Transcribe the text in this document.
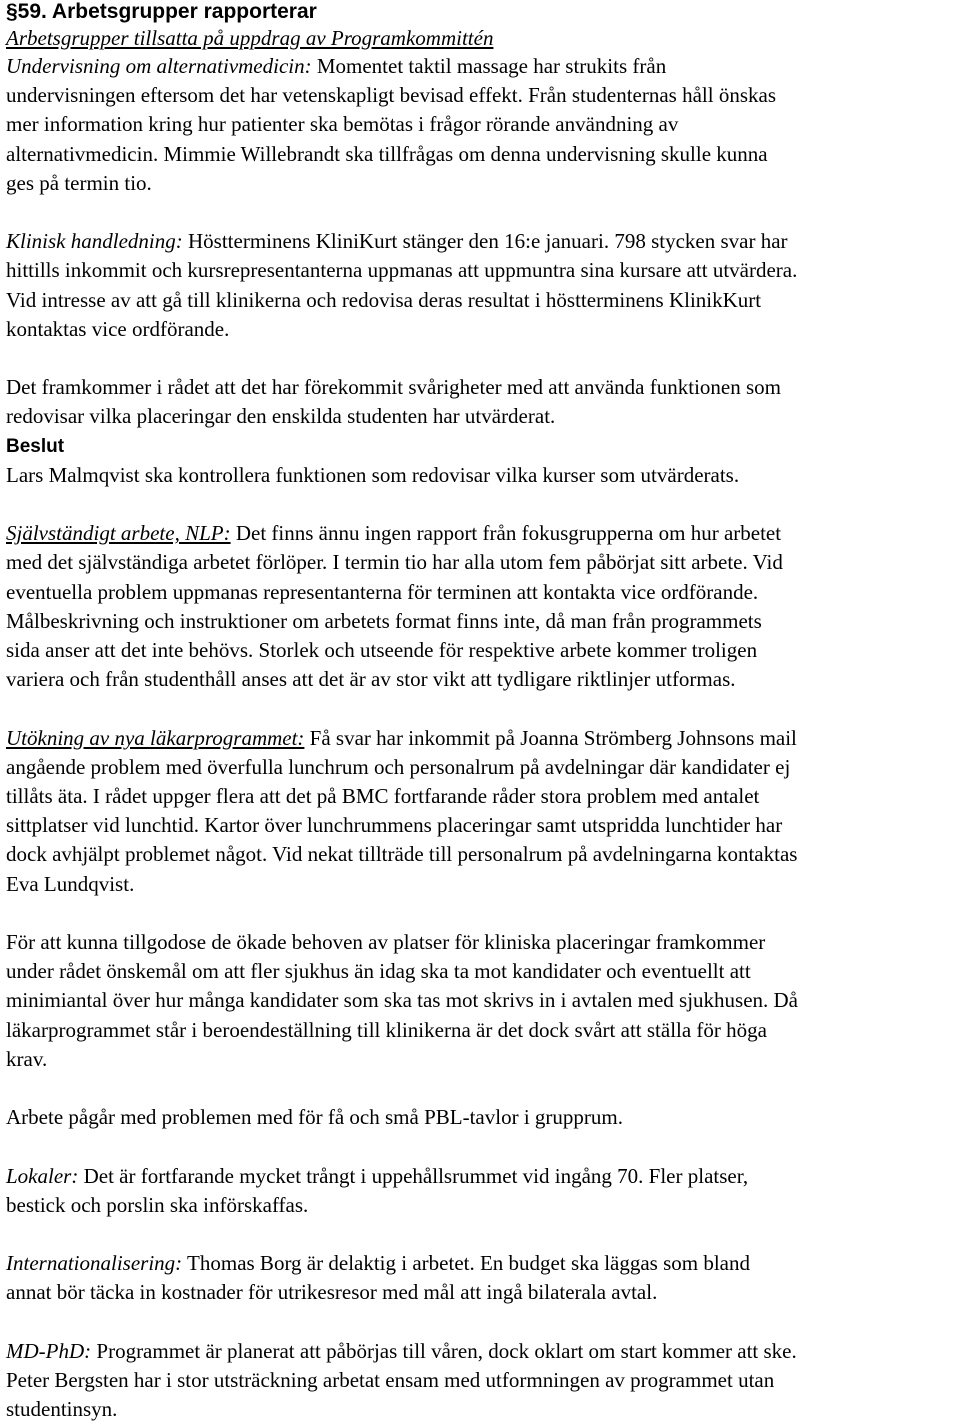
§59. Arbetsgrupper rapporterar
Arbetsgrupper tillsatta på uppdrag av Programkommittén
Undervisning om alternativmedicin: Momentet taktil massage har strukits från
undervisningen eftersom det har vetenskapligt bevisad effekt. Från studenternas håll önskas
mer information kring hur patienter ska bemötas i frågor rörande användning av
alternativmedicin. Mimmie Willebrandt ska tillfrågas om denna undervisning skulle kunna
ges på termin tio.
Klinisk handledning: Höstterminens KliniKurt stänger den 16:e januari. 798 stycken svar har
hittills inkommit och kursrepresentanterna uppmanas att uppmuntra sina kursare att utvärdera.
Vid intresse av att gå till klinikerna och redovisa deras resultat i höstterminens KlinikKurt
kontaktas vice ordförande.
Det framkommer i rådet att det har förekommit svårigheter med att använda funktionen som
redovisar vilka placeringar den enskilda studenten har utvärderat.
Beslut
Lars Malmqvist ska kontrollera funktionen som redovisar vilka kurser som utvärderats.
Självständigt arbete, NLP: Det finns ännu ingen rapport från fokusgrupperna om hur arbetet
med det självständiga arbetet förlöper. I termin tio har alla utom fem påbörjat sitt arbete. Vid
eventuella problem uppmanas representanterna för terminen att kontakta vice ordförande.
Målbeskrivning och instruktioner om arbetets format finns inte, då man från programmets
sida anser att det inte behövs. Storlek och utseende för respektive arbete kommer troligen
variera och från studenthåll anses att det är av stor vikt att tydligare riktlinjer utformas.
Utökning av nya läkarprogrammet: Få svar har inkommit på Joanna Strömberg Johnsons mail
angående problem med överfulla lunchrum och personalrum på avdelningar där kandidater ej
tillåts äta. I rådet uppger flera att det på BMC fortfarande råder stora problem med antalet
sittplatser vid lunchtid. Kartor över lunchrummens placeringar samt utspridda lunchtider har
dock avhjälpt problemet något. Vid nekat tillträde till personalrum på avdelningarna kontaktas
Eva Lundqvist.
För att kunna tillgodose de ökade behoven av platser för kliniska placeringar framkommer
under rådet önskemål om att fler sjukhus än idag ska ta mot kandidater och eventuellt att
minimiantal över hur många kandidater som ska tas mot skrivs in i avtalen med sjukhusen. Då
läkarprogrammet står i beroendeställning till klinikerna är det dock svårt att ställa för höga
krav.
Arbete pågår med problemen med för få och små PBL-tavlor i grupprum.
Lokaler: Det är fortfarande mycket trångt i uppehållsrummet vid ingång 70. Fler platser,
bestick och porslin ska införskaffas.
Internationalisering: Thomas Borg är delaktig i arbetet. En budget ska läggas som bland
annat bör täcka in kostnader för utrikesresor med mål att ingå bilaterala avtal.
MD-PhD: Programmet är planerat att påbörjas till våren, dock oklart om start kommer att ske.
Peter Bergsten har i stor utsträckning arbetat ensam med utformningen av programmet utan
studentinsyn.
